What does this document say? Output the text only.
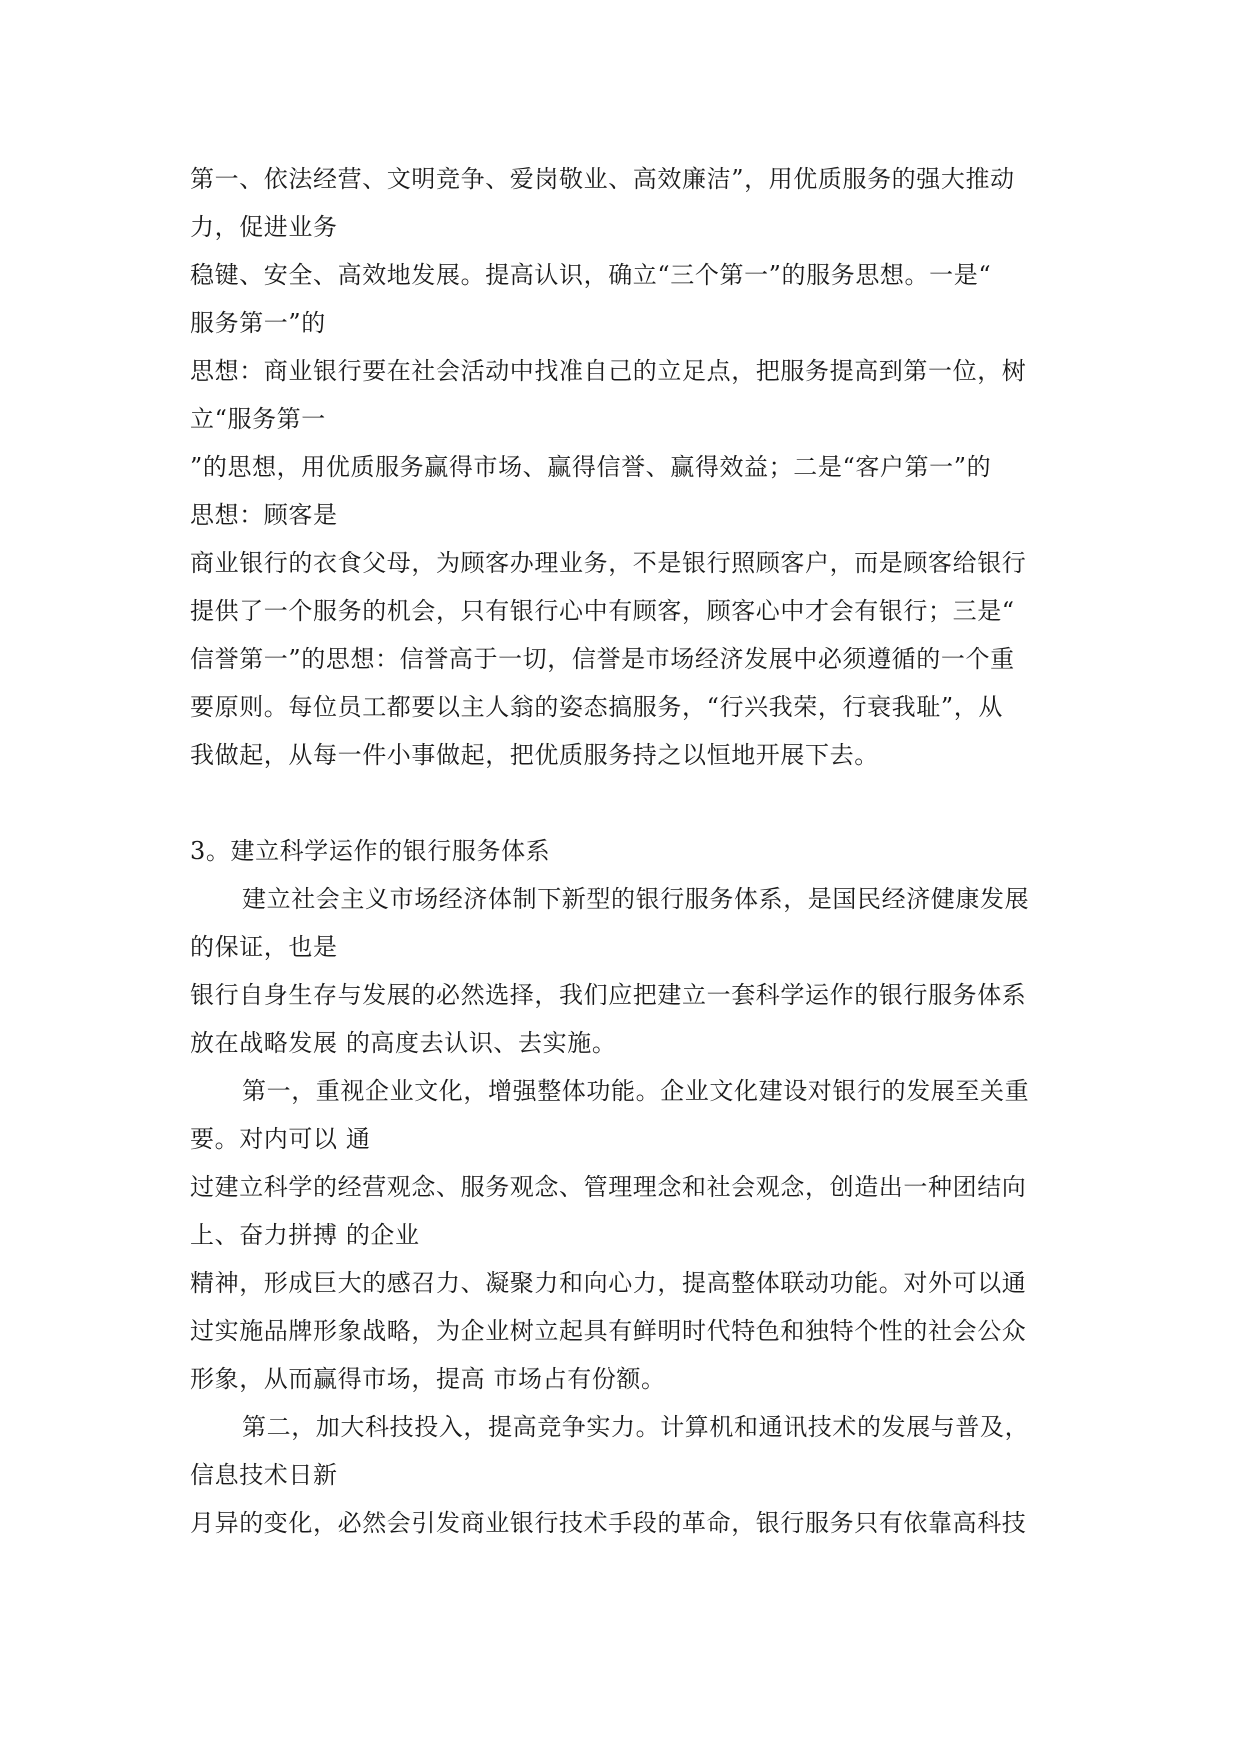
第一、依法经营、文明竞争、爱岗敬业、高效廉洁”，用优质服务的强大推动
力，促进业务
稳键、安全、高效地发展。提高认识，确立“三个第一”的服务思想。一是“
服务第一”的
思想：商业银行要在社会活动中找准自己的立足点，把服务提高到第一位，树
立“服务第一
”的思想，用优质服务赢得市场、赢得信誉、赢得效益；二是“客户第一”的
思想：顾客是
商业银行的衣食父母，为顾客办理业务，不是银行照顾客户，而是顾客给银行
提供了一个服务的机会，只有银行心中有顾客，顾客心中才会有银行；三是“
信誉第一”的思想：信誉高于一切，信誉是市场经济发展中必须遵循的一个重
要原则。每位员工都要以主人翁的姿态搞服务，“行兴我荣，行衰我耻”，从
我做起，从每一件小事做起，把优质服务持之以恒地开展下去。
3。建立科学运作的银行服务体系
建立社会主义市场经济体制下新型的银行服务体系，是国民经济健康发展
的保证，也是
银行自身生存与发展的必然选择，我们应把建立一套科学运作的银行服务体系
放在战略发展 的高度去认识、去实施。
第一，重视企业文化，增强整体功能。企业文化建设对银行的发展至关重
要。对内可以 通
过建立科学的经营观念、服务观念、管理理念和社会观念，创造出一种团结向
上、奋力拼搏 的企业
精神，形成巨大的感召力、凝聚力和向心力，提高整体联动功能。对外可以通
过实施品牌形象战略，为企业树立起具有鲜明时代特色和独特个性的社会公众
形象，从而赢得市场，提高 市场占有份额。
第二，加大科技投入，提高竞争实力。计算机和通讯技术的发展与普及，
信息技术日新
月异的变化，必然会引发商业银行技术手段的革命，银行服务只有依靠高科技
